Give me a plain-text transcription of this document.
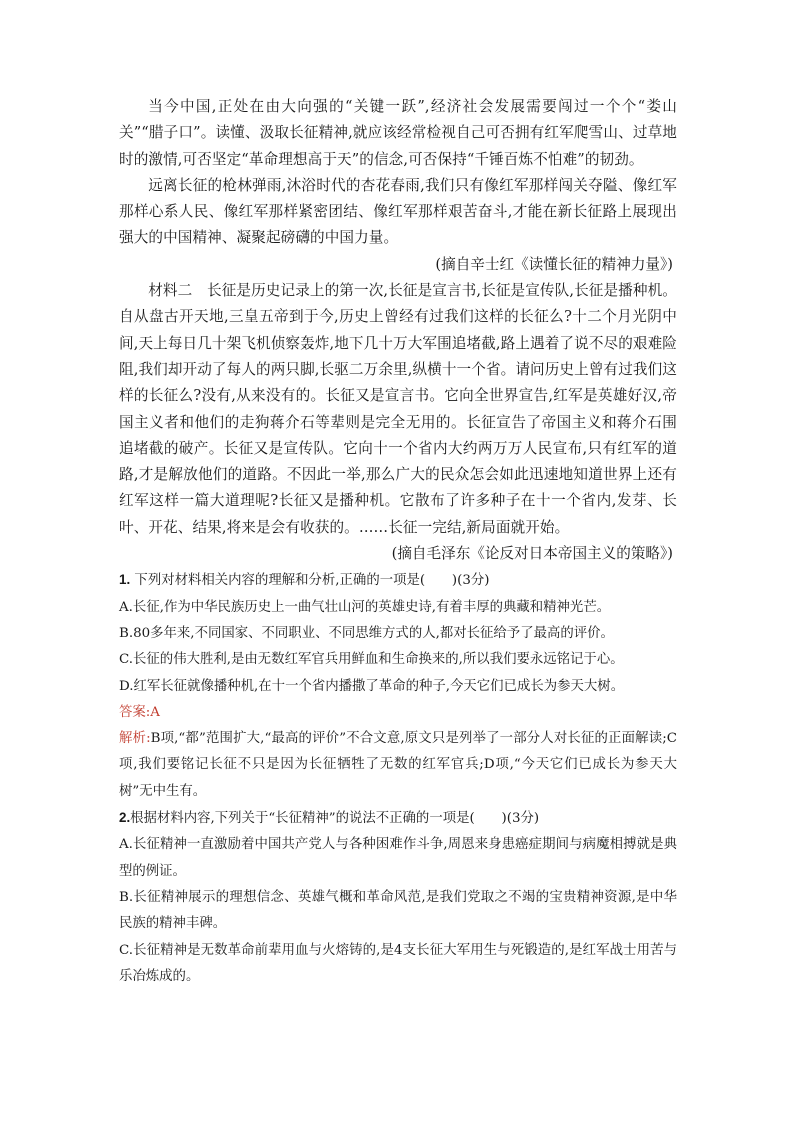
当今中国,正处在由大向强的“关键一跃”,经济社会发展需要闯过一个个“娄山关”“腊子口”。读懂、汲取长征精神,就应该经常检视自己可否拥有红军爬雪山、过草地时的激情,可否坚定“革命理想高于天”的信念,可否保持“千锤百炼不怕难”的韧劲。

远离长征的枪林弹雨,沐浴时代的杏花春雨,我们只有像红军那样闯关夺隘、像红军那样心系人民、像红军那样紧密团结、像红军那样艰苦奋斗,才能在新长征路上展现出强大的中国精神、凝聚起磅礴的中国力量。

(摘自辛士红《读懂长征的精神力量》)

材料二　长征是历史记录上的第一次,长征是宣言书,长征是宣传队,长征是播种机。自从盘古开天地,三皇五帝到于今,历史上曾经有过我们这样的长征么?十二个月光阴中间,天上每日几十架飞机侦察轰炸,地下几十万大军围追堵截,路上遇着了说不尽的艰难险阻,我们却开动了每人的两只脚,长驱二万余里,纵横十一个省。请问历史上曾有过我们这样的长征么?没有,从来没有的。长征又是宣言书。它向全世界宣告,红军是英雄好汉,帝国主义者和他们的走狗蒋介石等辈则是完全无用的。长征宣告了帝国主义和蒋介石围追堵截的破产。长征又是宣传队。它向十一个省内大约两万万人民宣布,只有红军的道路,才是解放他们的道路。不因此一举,那么广大的民众怎会如此迅速地知道世界上还有红军这样一篇大道理呢?长征又是播种机。它散布了许多种子在十一个省内,发芽、长叶、开花、结果,将来是会有收获的。……长征一完结,新局面就开始。

(摘自毛泽东《论反对日本帝国主义的策略》)

1. 下列对材料相关内容的理解和分析,正确的一项是(　　)(3分)

A.长征,作为中华民族历史上一曲气壮山河的英雄史诗,有着丰厚的典藏和精神光芒。

B.80多年来,不同国家、不同职业、不同思维方式的人,都对长征给予了最高的评价。

C.长征的伟大胜利,是由无数红军官兵用鲜血和生命换来的,所以我们要永远铭记于心。

D.红军长征就像播种机,在十一个省内播撒了革命的种子,今天它们已成长为参天大树。

答案:A

解析:B项,“都”范围扩大,“最高的评价”不合文意,原文只是列举了一部分人对长征的正面解读;C项,我们要铭记长征不只是因为长征牺牲了无数的红军官兵;D项,“今天它们已成长为参天大树”无中生有。

2.根据材料内容,下列关于“长征精神”的说法不正确的一项是(　　)(3分)

A.长征精神一直激励着中国共产党人与各种困难作斗争,周恩来身患癌症期间与病魔相搏就是典型的例证。

B.长征精神展示的理想信念、英雄气概和革命风范,是我们党取之不竭的宝贵精神资源,是中华民族的精神丰碑。

C.长征精神是无数革命前辈用血与火熔铸的,是4支长征大军用生与死锻造的,是红军战士用苦与乐冶炼成的。
